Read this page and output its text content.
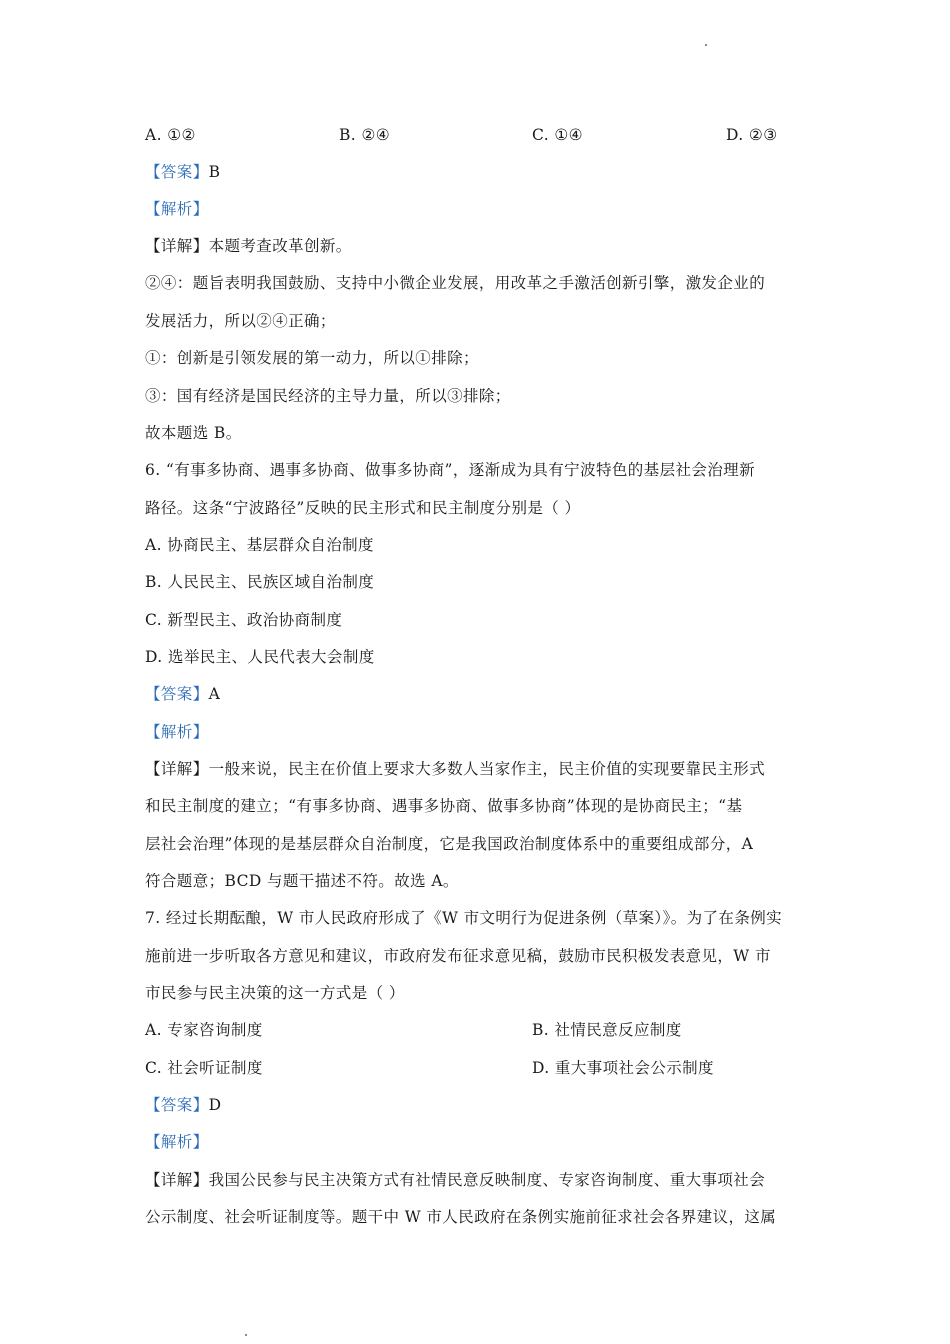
A. ①②	B. ②④	C. ①④	D. ②③
【答案】B
【解析】
【详解】本题考查改革创新。
②④：题旨表明我国鼓励、支持中小微企业发展，用改革之手激活创新引擎，激发企业的
发展活力，所以②④正确；
①：创新是引领发展的第一动力，所以①排除；
③：国有经济是国民经济的主导力量，所以③排除；
故本题选 B。
6. “有事多协商、遇事多协商、做事多协商”，逐渐成为具有宁波特色的基层社会治理新
路径。这条“宁波路径”反映的民主形式和民主制度分别是（ ）
A. 协商民主、基层群众自治制度
B. 人民民主、民族区域自治制度
C. 新型民主、政治协商制度
D. 选举民主、人民代表大会制度
【答案】A
【解析】
【详解】一般来说，民主在价值上要求大多数人当家作主，民主价值的实现要靠民主形式
和民主制度的建立；“有事多协商、遇事多协商、做事多协商”体现的是协商民主；“基
层社会治理”体现的是基层群众自治制度，它是我国政治制度体系中的重要组成部分，A
符合题意；BCD 与题干描述不符。故选 A。
7. 经过长期酝酿，W 市人民政府形成了《W 市文明行为促进条例（草案）》。为了在条例实
施前进一步听取各方意见和建议，市政府发布征求意见稿，鼓励市民积极发表意见，W 市
市民参与民主决策的这一方式是（ ）
A. 专家咨询制度	B. 社情民意反应制度
C. 社会听证制度	D. 重大事项社会公示制度
【答案】D
【解析】
【详解】我国公民参与民主决策方式有社情民意反映制度、专家咨询制度、重大事项社会
公示制度、社会听证制度等。题干中 W 市人民政府在条例实施前征求社会各界建议，这属
